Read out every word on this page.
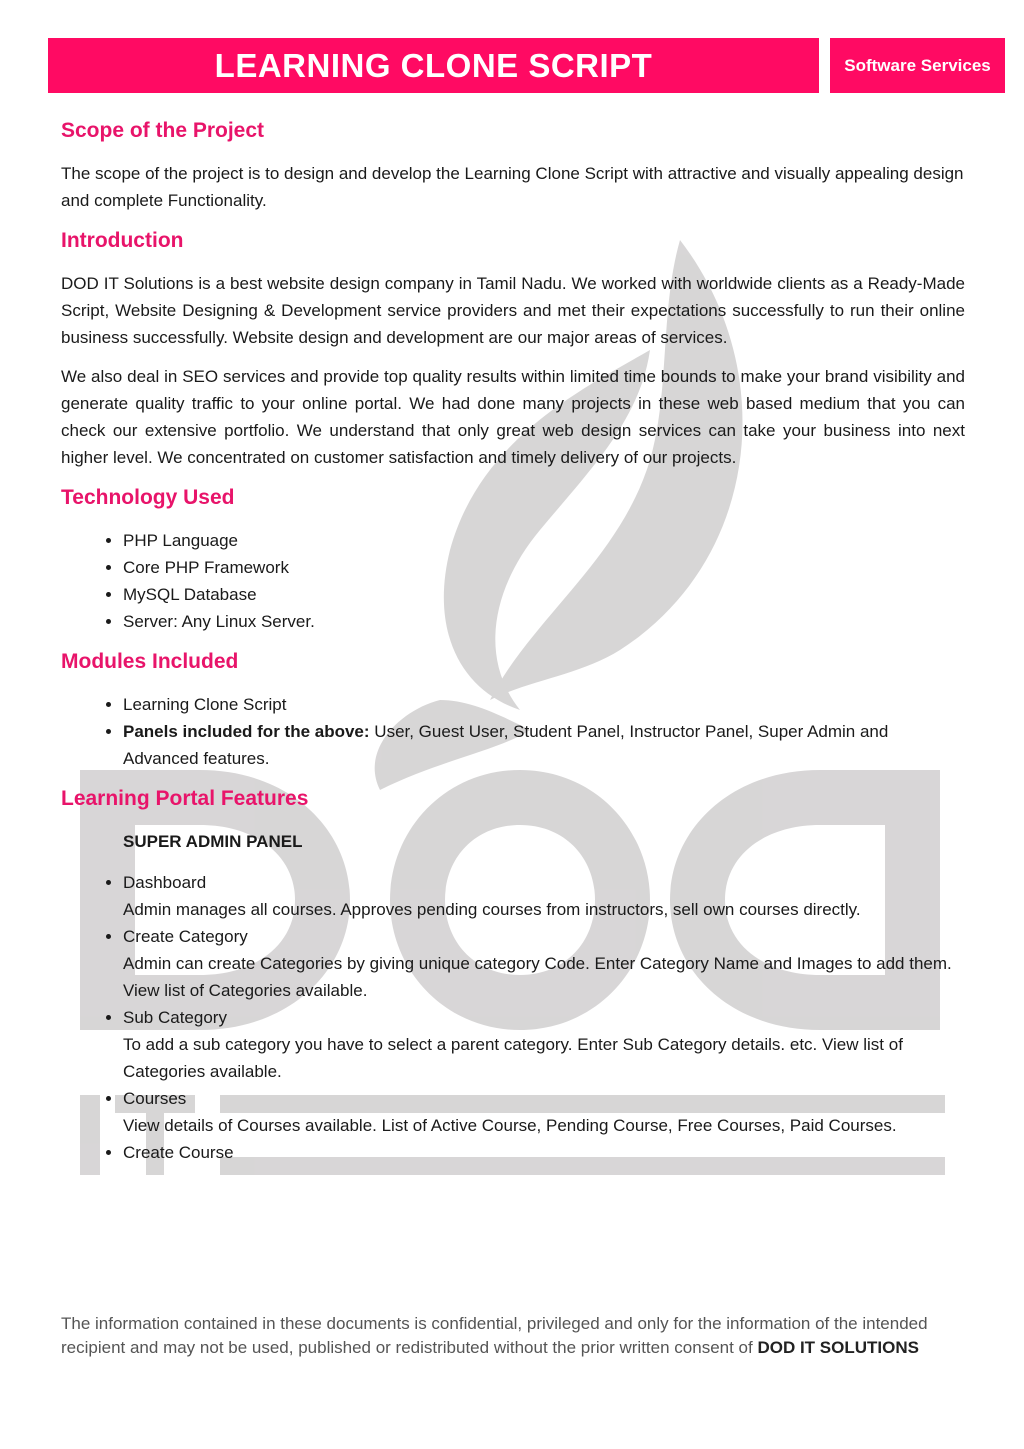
LEARNING CLONE SCRIPT	Software Services
Scope of the Project

The scope of the project is to design and develop the Learning Clone Script with attractive and visually appealing design and complete Functionality.

Introduction

DOD IT Solutions is a best website design company in Tamil Nadu. We worked with worldwide clients as a Ready-Made Script, Website Designing & Development service providers and met their expectations successfully to run their online business successfully. Website design and development are our major areas of services.

We also deal in SEO services and provide top quality results within limited time bounds to make your brand visibility and generate quality traffic to your online portal. We had done many projects in these web based medium that you can check our extensive portfolio. We understand that only great web design services can take your business into next higher level. We concentrated on customer satisfaction and timely delivery of our projects.

Technology Used
• PHP Language
• Core PHP Framework
• MySQL Database
• Server: Any Linux Server.
Modules Included
• Learning Clone Script
• Panels included for the above: User, Guest User, Student Panel, Instructor Panel, Super Admin and Advanced features.
Learning Portal Features
SUPER ADMIN PANEL
• Dashboard
Admin manages all courses. Approves pending courses from instructors, sell own courses directly.
• Create Category
Admin can create Categories by giving unique category Code. Enter Category Name and Images to add them. View list of Categories available.
• Sub Category
To add a sub category you have to select a parent category. Enter Sub Category details. etc. View list of Categories available.
• Courses
View details of Courses available. List of Active Course, Pending Course, Free Courses, Paid Courses.
• Create Course
The information contained in these documents is confidential, privileged and only for the information of the intended recipient and may not be used, published or redistributed without the prior written consent of DOD IT SOLUTIONS
